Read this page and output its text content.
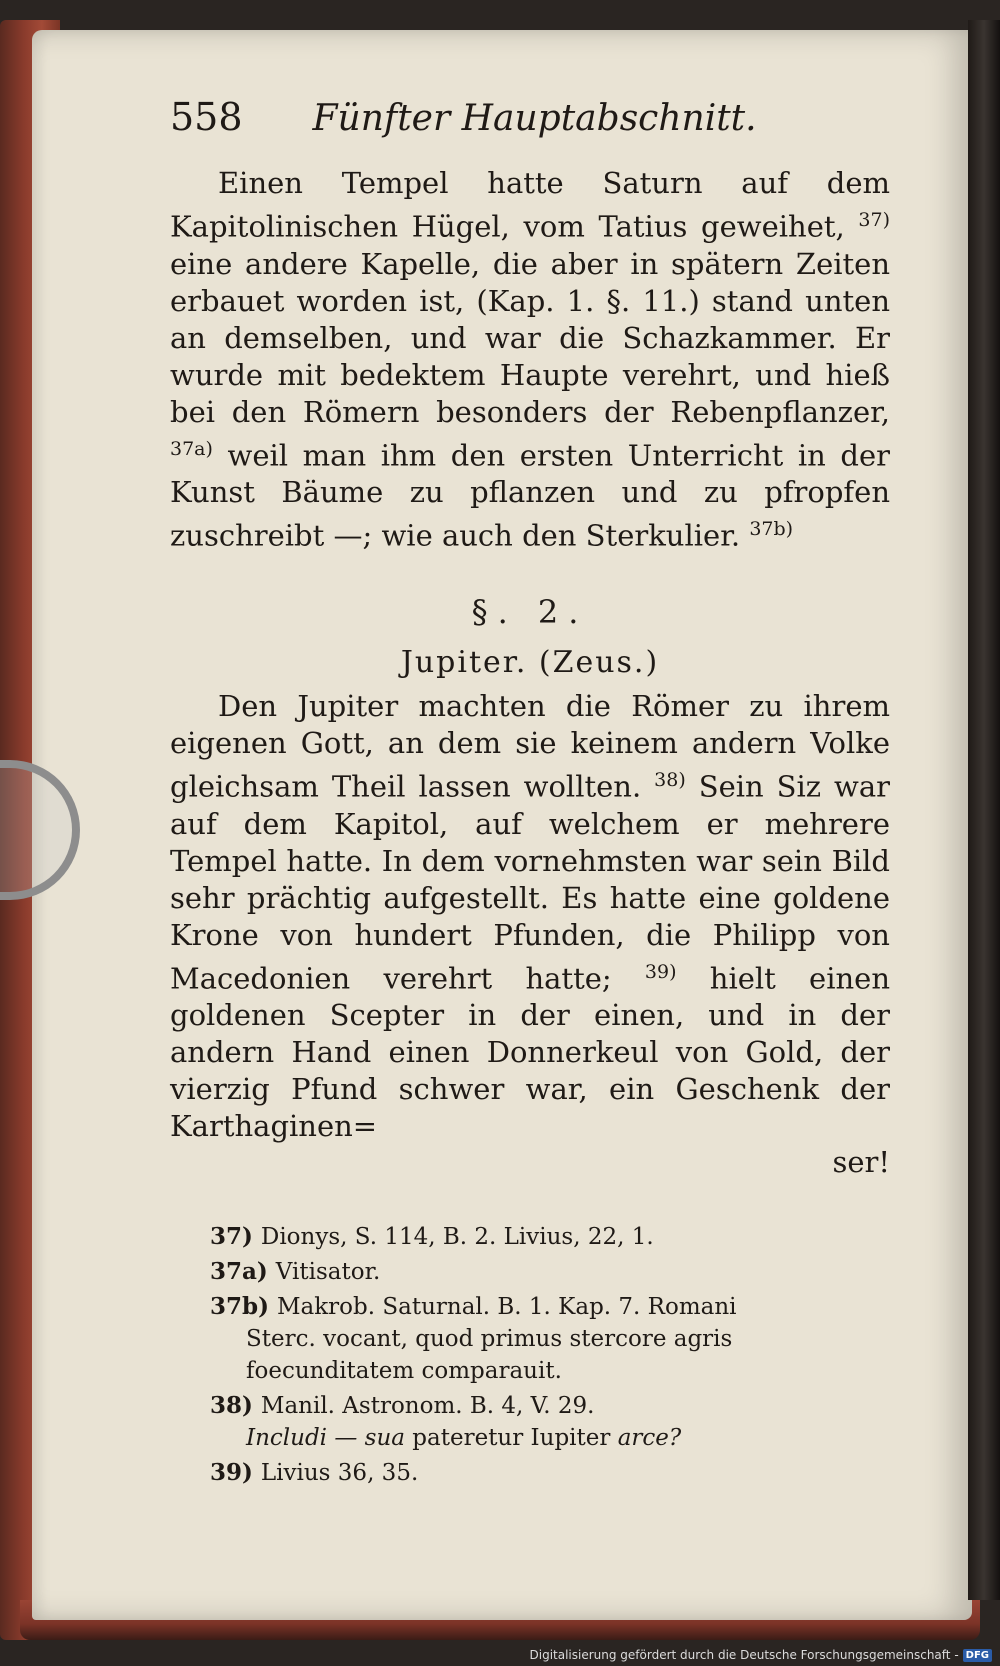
558 Fünfter Hauptabschnitt.

Einen Tempel hatte Saturn auf dem Kapitolinischen Hügel, vom Tatius geweihet, $^{37)}$ eine andere Kapelle, die aber in spätern Zeiten erbauet worden ist, (Kap. 1. §. 11.) stand unten an demselben, und war die Schazkammer. Er wurde mit bedektem Haupte verehrt, und hieß bei den Römern besonders der Rebenpflanzer, $^{37a)}$ weil man ihm den ersten Unterricht in der Kunst Bäume zu pflanzen und zu pfropfen zuschreibt —; wie auch den Sterkulier. $^{37b)}$

§. 2.
Jupiter. (Zeus.)

Den Jupiter machten die Römer zu ihrem eigenen Gott, an dem sie keinem andern Volke gleichsam Theil lassen wollten. $^{38)}$ Sein Siz war auf dem Kapitol, auf welchem er mehrere Tempel hatte. In dem vornehmsten war sein Bild sehr prächtig aufgestellt. Es hatte eine goldene Krone von hundert Pfunden, die Philipp von Macedonien verehrt hatte; $^{39)}$ hielt einen goldenen Scepter in der einen, und in der andern Hand einen Donnerkeul von Gold, der vierzig Pfund schwer war, ein Geschenk der Karthaginen=

ser!

37) Dionys, S. 114, B. 2. Livius, 22, 1.

37a) Vitisator.

37b) Makrob. Saturnal. B. 1. Kap. 7. Romani
Sterc. vocant, quod primus stercore agris foecunditatem comparauit.

38) Manil. Astronom. B. 4, V. 29.
Includi — sua pateretur Iupiter arce?

39) Livius 36, 35.

Digitalisierung gefördert durch die Deutsche Forschungsgemeinschaft - DFG
